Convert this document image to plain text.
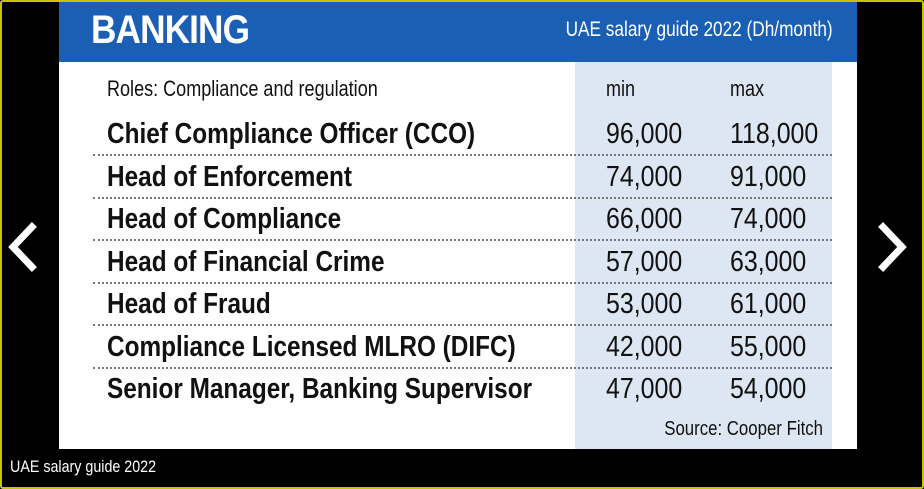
BANKING	UAE salary guide 2022 (Dh/month)
Roles: Compliance and regulation	min	max
Chief Compliance Officer (CCO)	96,000 118,000
Head of Enforcement	74,000 91,000
Head of Compliance	66,000 74,000
Head of Financial Crime	57,000 63,000
Head of Fraud	53,000 61,000
Compliance Licensed MLRO (DIFC)	42,000 55,000
Senior Manager, Banking Supervisor	47,000 54,000
Source: Cooper Fitch
UAE salary guide 2022
